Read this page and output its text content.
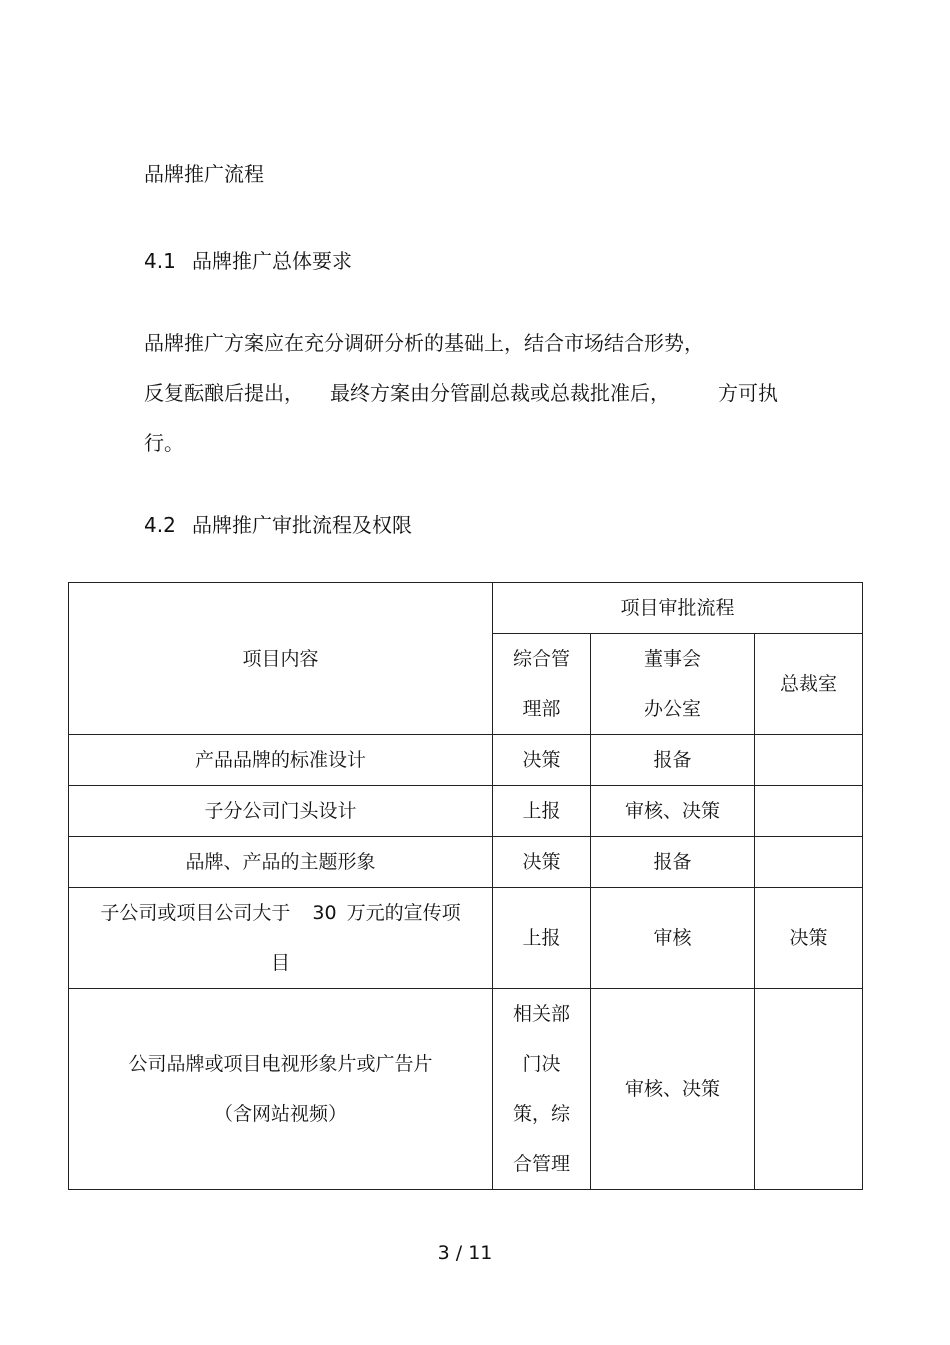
品牌推广流程
4.1 品牌推广总体要求
品牌推广方案应在充分调研分析的基础上，结合市场结合形势，
反复酝酿后提出， 最终方案由分管副总裁或总裁批准后， 方可执
行。
4.2 品牌推广审批流程及权限
项目内容	项目审批流程		

	综合管
理部	董事会
办公室	总裁室
产品品牌的标准设计	决策	报备	
子分公司门头设计	上报	审核、决策	
品牌、产品的主题形象	决策	报备	

子公司或项目公司大于 30 万元的宣传项
目	上报	审核	决策

公司品牌或项目电视形象片或广告片
（含网站视频）	相关部
门决
策，综
合管理	审核、决策	
3 / 11
